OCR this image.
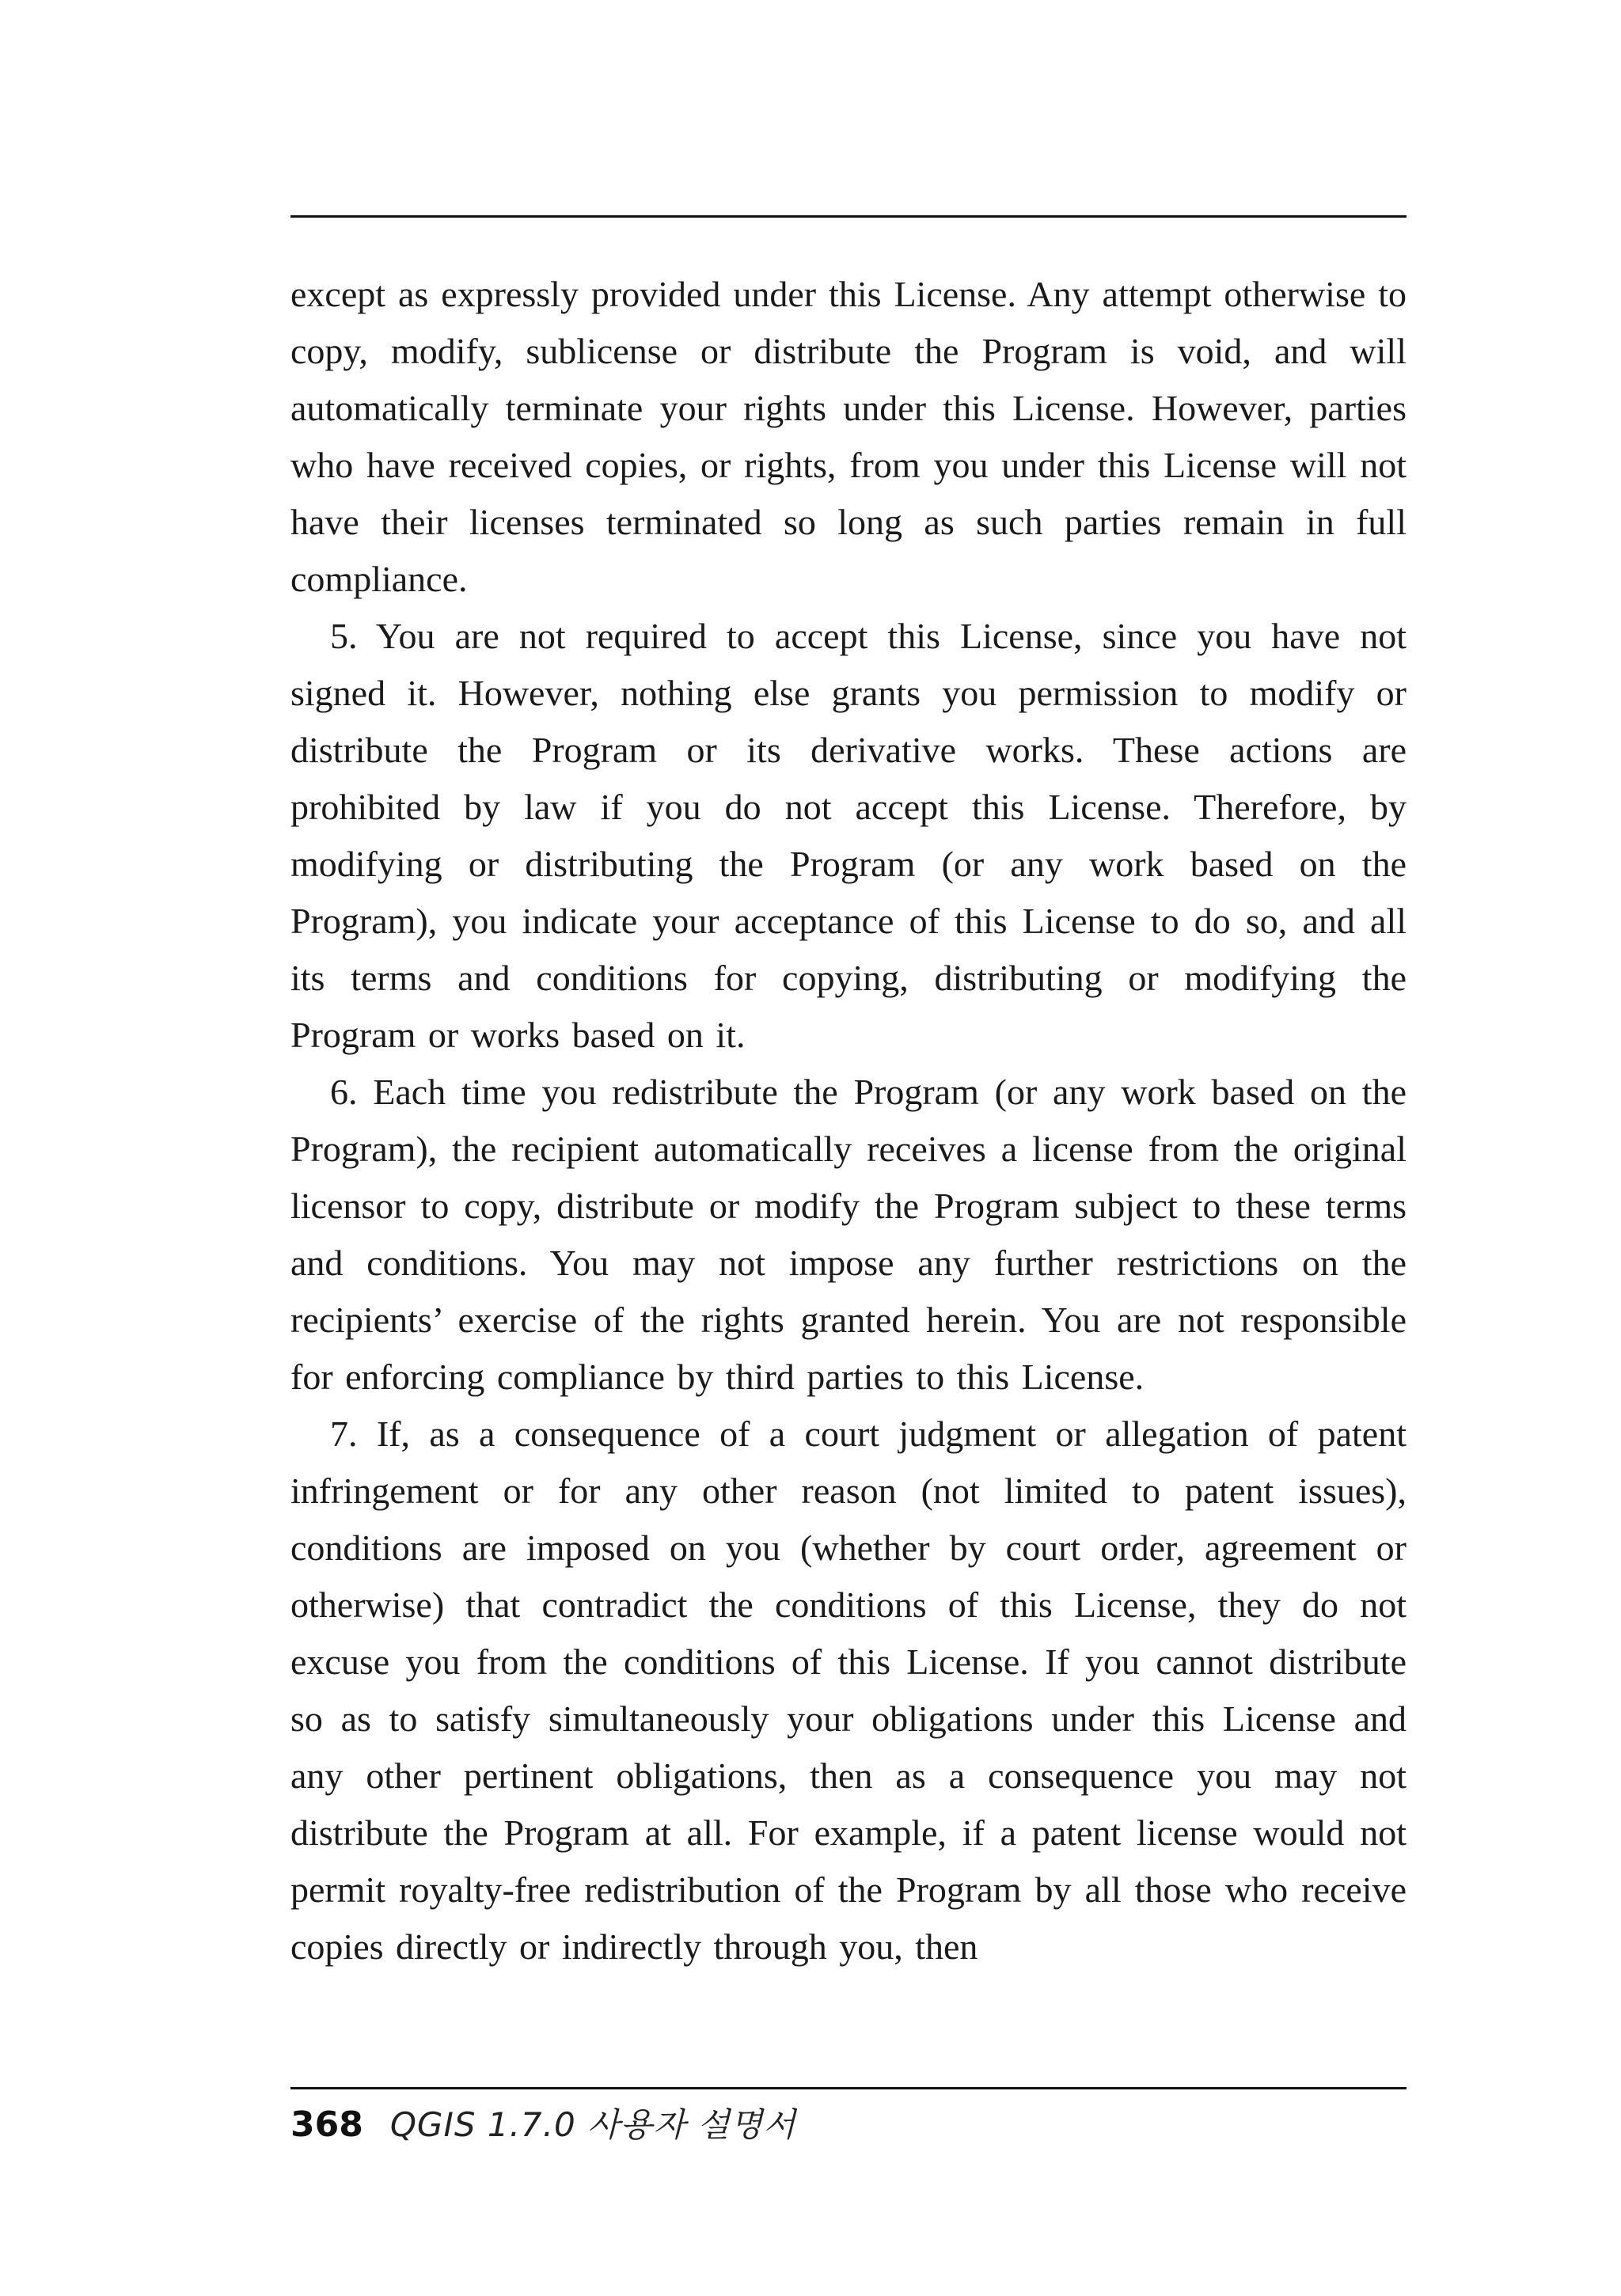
except as expressly provided under this License. Any attempt otherwise to copy, modify, sublicense or distribute the Program is void, and will automatically terminate your rights under this License. However, parties who have received copies, or rights, from you under this License will not have their licenses terminated so long as such parties remain in full compliance.

5. You are not required to accept this License, since you have not signed it. However, nothing else grants you permission to modify or distribute the Program or its derivative works. These actions are prohibited by law if you do not accept this License. Therefore, by modifying or distributing the Program (or any work based on the Program), you indicate your acceptance of this License to do so, and all its terms and conditions for copying, distributing or modifying the Program or works based on it.

6. Each time you redistribute the Program (or any work based on the Program), the recipient automatically receives a license from the original licensor to copy, distribute or modify the Program subject to these terms and conditions. You may not impose any further restrictions on the recipients’ exercise of the rights granted herein. You are not responsible for enforcing compliance by third parties to this License.

7. If, as a consequence of a court judgment or allegation of patent infringement or for any other reason (not limited to patent issues), conditions are imposed on you (whether by court order, agreement or otherwise) that contradict the conditions of this License, they do not excuse you from the conditions of this License. If you cannot distribute so as to satisfy simultaneously your obligations under this License and any other pertinent obligations, then as a consequence you may not distribute the Program at all. For example, if a patent license would not permit royalty-free redistribution of the Program by all those who receive copies directly or indirectly through you, then

368 QGIS 1.7.0 사용자 설명서
